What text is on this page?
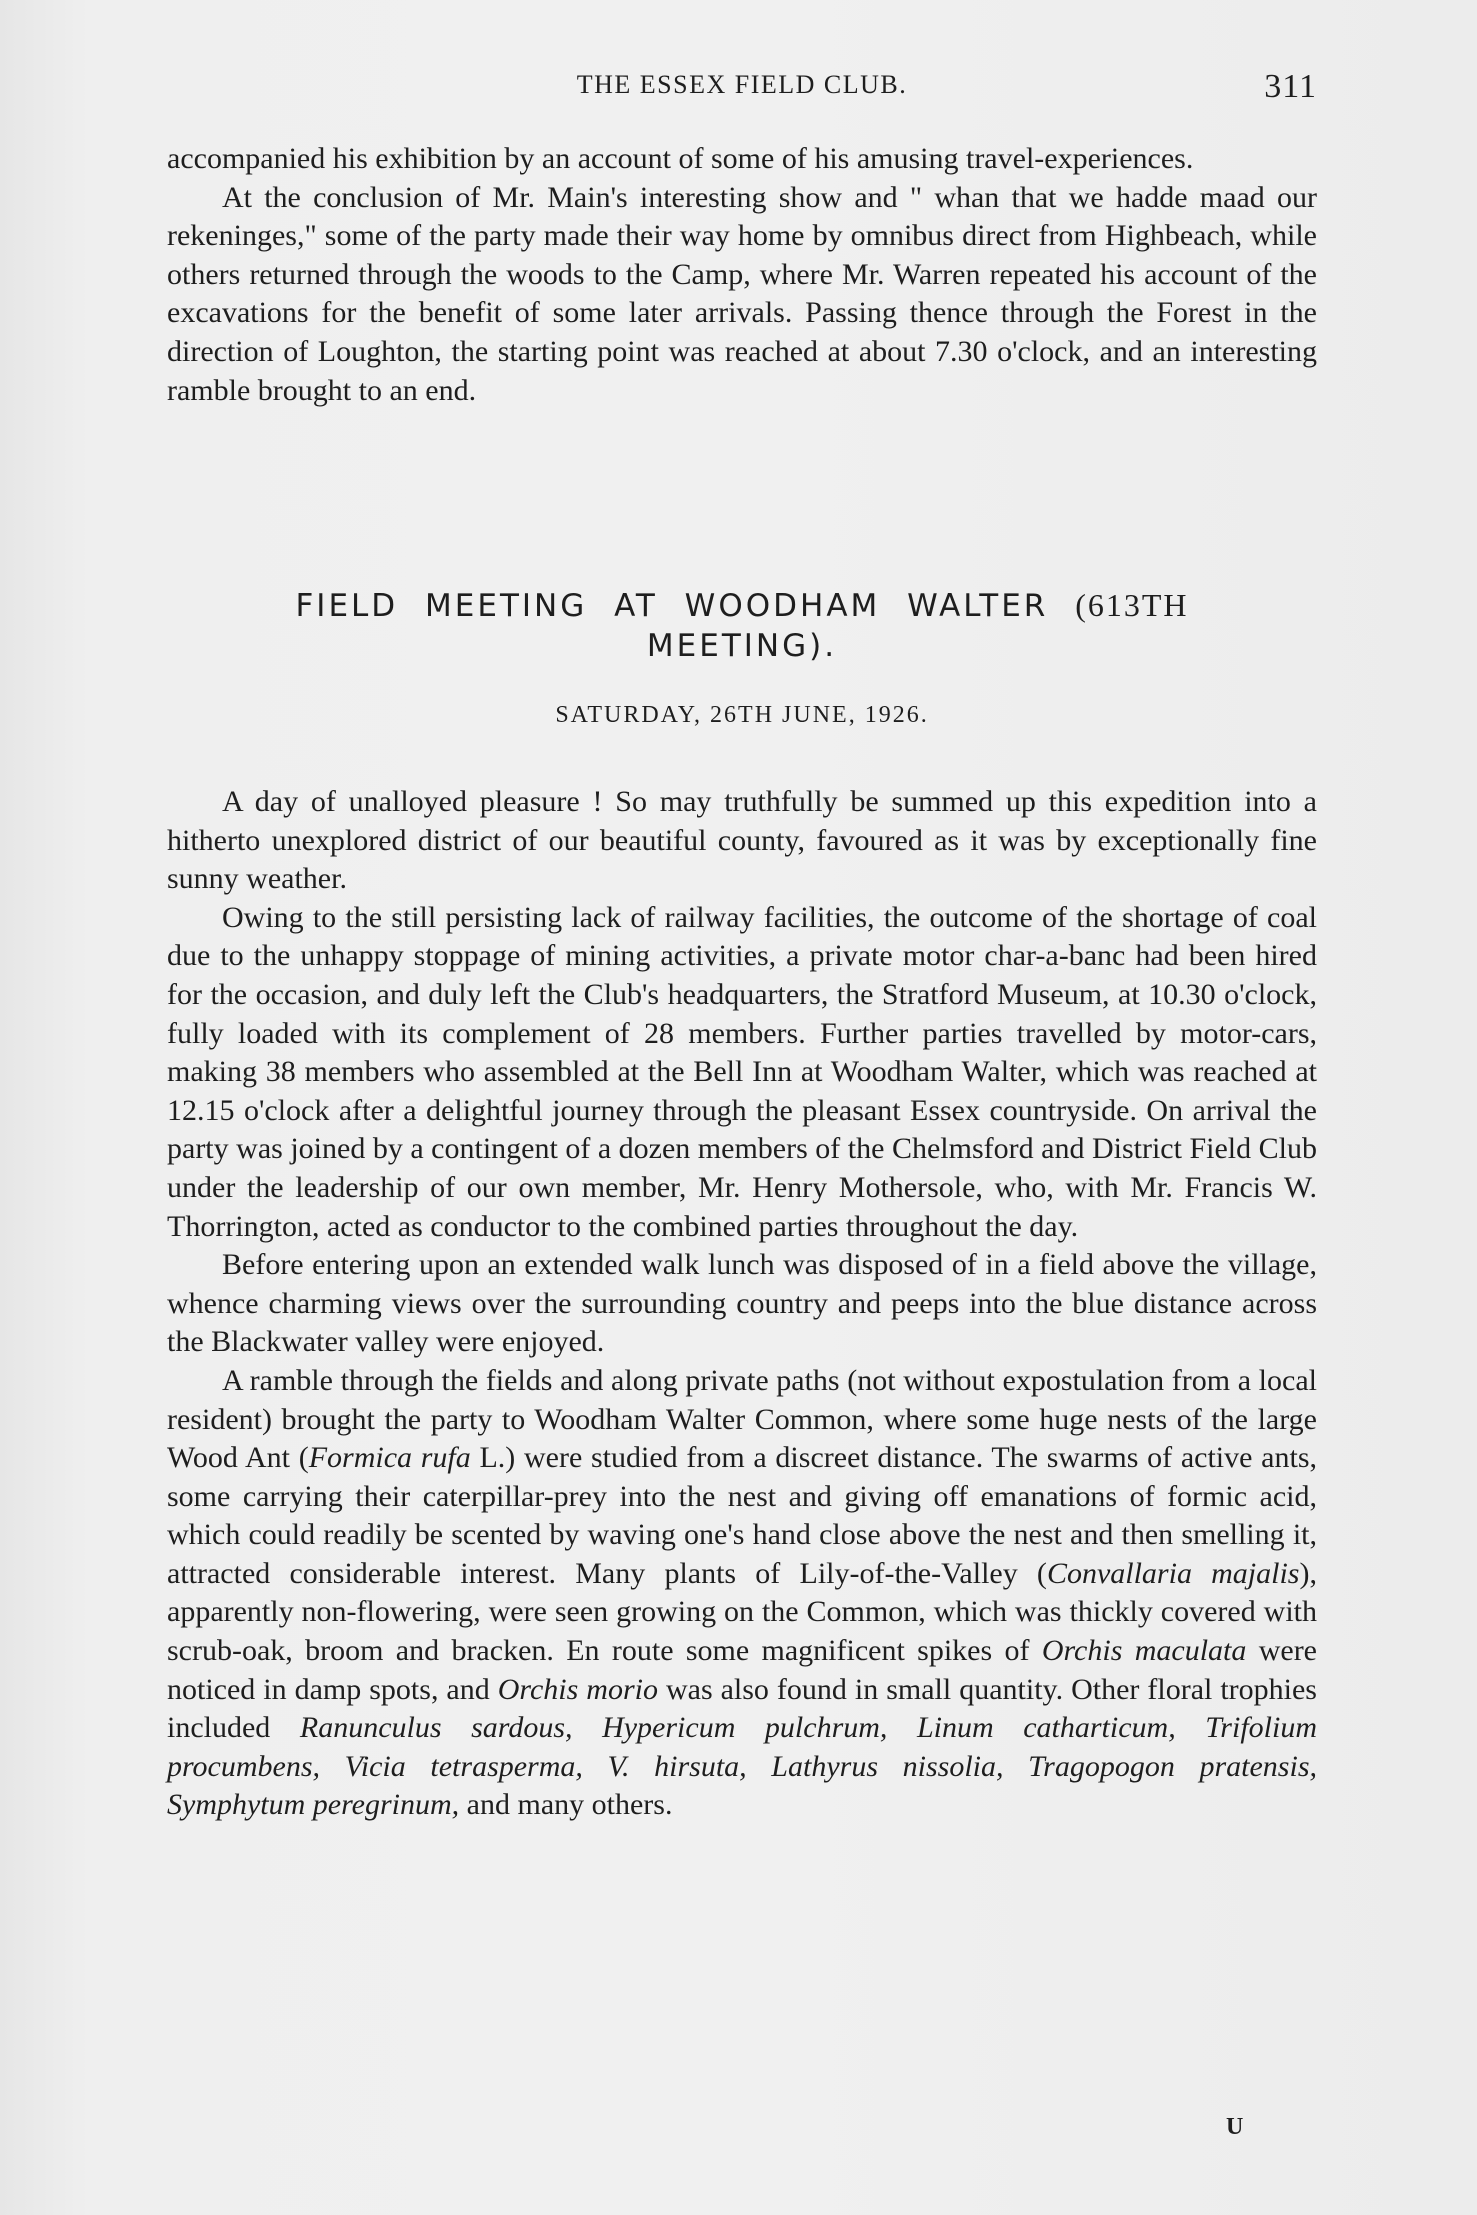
THE ESSEX FIELD CLUB.	311

accompanied his exhibition by an account of some of his amusing travel-experiences.

At the conclusion of Mr. Main's interesting show and " whan that we hadde maad our rekeninges," some of the party made their way home by omnibus direct from Highbeach, while others returned through the woods to the Camp, where Mr. Warren repeated his account of the excavations for the benefit of some later arrivals. Passing thence through the Forest in the direction of Loughton, the starting point was reached at about 7.30 o'clock, and an interesting ramble brought to an end.

FIELD MEETING AT WOODHAM WALTER (613TH
MEETING).
SATURDAY, 26TH JUNE, 1926.

A day of unalloyed pleasure ! So may truthfully be summed up this expedition into a hitherto unexplored district of our beautiful county, favoured as it was by exceptionally fine sunny weather.

Owing to the still persisting lack of railway facilities, the outcome of the shortage of coal due to the unhappy stoppage of mining activities, a private motor char-a-banc had been hired for the occasion, and duly left the Club's headquarters, the Stratford Museum, at 10.30 o'clock, fully loaded with its complement of 28 members. Further parties travelled by motor-cars, making 38 members who assembled at the Bell Inn at Woodham Walter, which was reached at 12.15 o'clock after a delightful journey through the pleasant Essex countryside. On arrival the party was joined by a contingent of a dozen members of the Chelmsford and District Field Club under the leadership of our own member, Mr. Henry Mothersole, who, with Mr. Francis W. Thorrington, acted as conductor to the combined parties throughout the day.

Before entering upon an extended walk lunch was disposed of in a field above the village, whence charming views over the surrounding country and peeps into the blue distance across the Blackwater valley were enjoyed.

A ramble through the fields and along private paths (not without expostulation from a local resident) brought the party to Woodham Walter Common, where some huge nests of the large Wood Ant (Formica rufa L.) were studied from a discreet distance. The swarms of active ants, some carrying their caterpillar-prey into the nest and giving off emanations of formic acid, which could readily be scented by waving one's hand close above the nest and then smelling it, attracted considerable interest. Many plants of Lily-of-the-Valley (Convallaria majalis), apparently non-flowering, were seen growing on the Common, which was thickly covered with scrub-oak, broom and bracken. En route some magnificent spikes of Orchis maculata were noticed in damp spots, and Orchis morio was also found in small quantity. Other floral trophies included Ranunculus sardous, Hypericum pulchrum, Linum catharticum, Trifolium procumbens, Vicia tetrasperma, V. hirsuta, Lathyrus nissolia, Tragopogon pratensis, Symphytum peregrinum, and many others.

U
